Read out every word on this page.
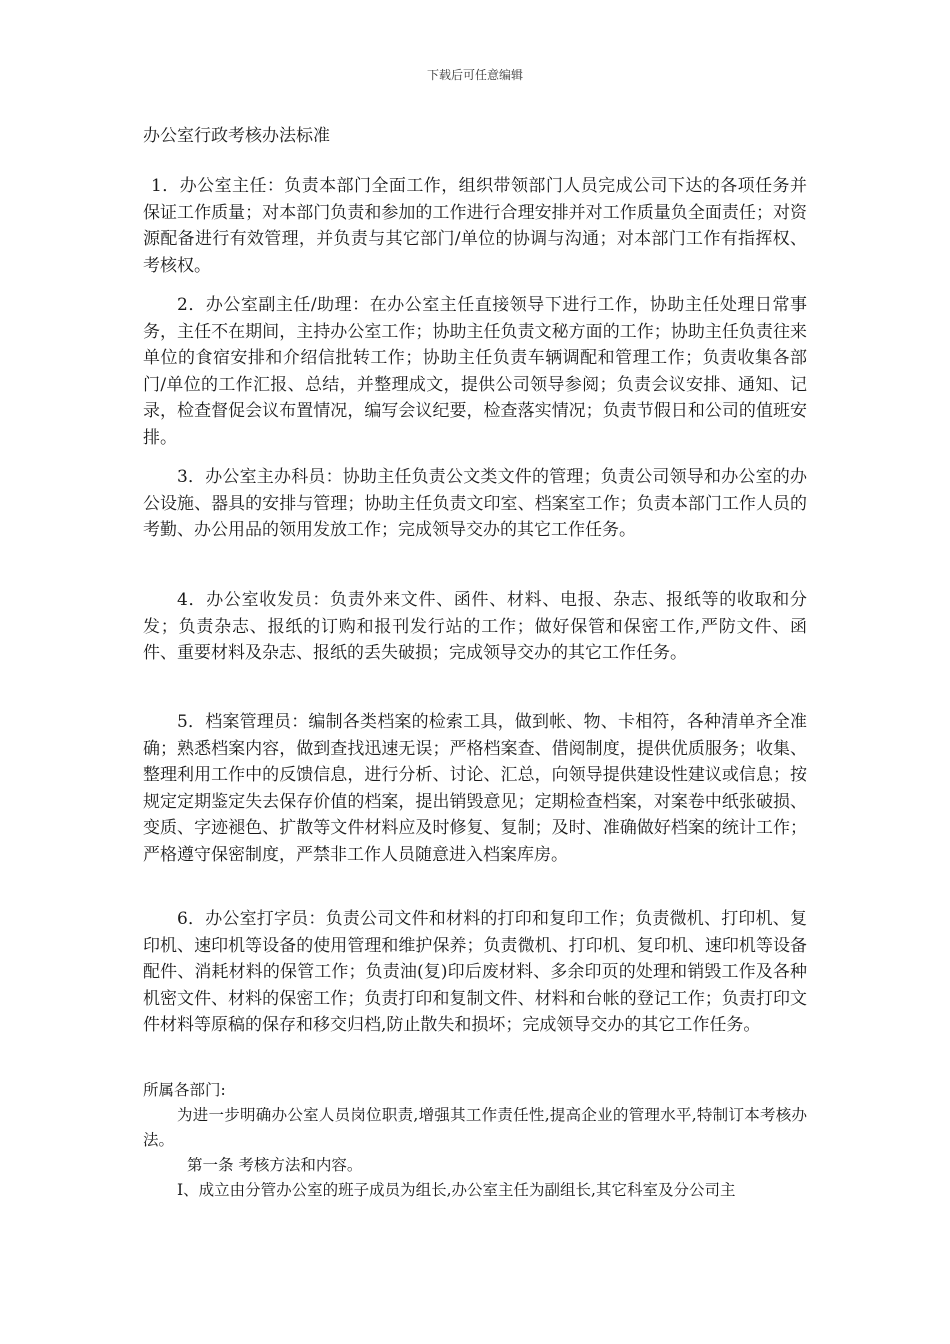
下载后可任意编辑
办公室行政考核办法标准

1．办公室主任：负责本部门全面工作，组织带领部门人员完成公司下达的各项任务并保证工作质量；对本部门负责和参加的工作进行合理安排并对工作质量负全面责任；对资源配备进行有效管理，并负责与其它部门/单位的协调与沟通；对本部门工作有指挥权、考核权。

2．办公室副主任/助理：在办公室主任直接领导下进行工作，协助主任处理日常事务，主任不在期间，主持办公室工作；协助主任负责文秘方面的工作；协助主任负责往来单位的食宿安排和介绍信批转工作；协助主任负责车辆调配和管理工作；负责收集各部门/单位的工作汇报、总结，并整理成文，提供公司领导参阅；负责会议安排、通知、记录，检查督促会议布置情况，编写会议纪要，检查落实情况；负责节假日和公司的值班安排。

3．办公室主办科员：协助主任负责公文类文件的管理；负责公司领导和办公室的办公设施、器具的安排与管理；协助主任负责文印室、档案室工作；负责本部门工作人员的考勤、办公用品的领用发放工作；完成领导交办的其它工作任务。

4．办公室收发员：负责外来文件、函件、材料、电报、杂志、报纸等的收取和分发；负责杂志、报纸的订购和报刊发行站的工作；做好保管和保密工作,严防文件、函件、重要材料及杂志、报纸的丢失破损；完成领导交办的其它工作任务。

5．档案管理员：编制各类档案的检索工具，做到帐、物、卡相符，各种清单齐全准确；熟悉档案内容，做到查找迅速无误；严格档案查、借阅制度，提供优质服务；收集、整理利用工作中的反馈信息，进行分析、讨论、汇总，向领导提供建设性建议或信息；按规定定期鉴定失去保存价值的档案，提出销毁意见；定期检查档案，对案卷中纸张破损、变质、字迹褪色、扩散等文件材料应及时修复、复制；及时、准确做好档案的统计工作；严格遵守保密制度，严禁非工作人员随意进入档案库房。

6．办公室打字员：负责公司文件和材料的打印和复印工作；负责微机、打印机、复印机、速印机等设备的使用管理和维护保养；负责微机、打印机、复印机、速印机等设备配件、消耗材料的保管工作；负责油(复)印后废材料、多余印页的处理和销毁工作及各种机密文件、材料的保密工作；负责打印和复制文件、材料和台帐的登记工作；负责打印文件材料等原稿的保存和移交归档,防止散失和损坏；完成领导交办的其它工作任务。

所属各部门:

为进一步明确办公室人员岗位职责,增强其工作责任性,提高企业的管理水平,特制订本考核办法。

第一条 考核方法和内容。

Ⅰ、成立由分管办公室的班子成员为组长,办公室主任为副组长,其它科室及分公司主
